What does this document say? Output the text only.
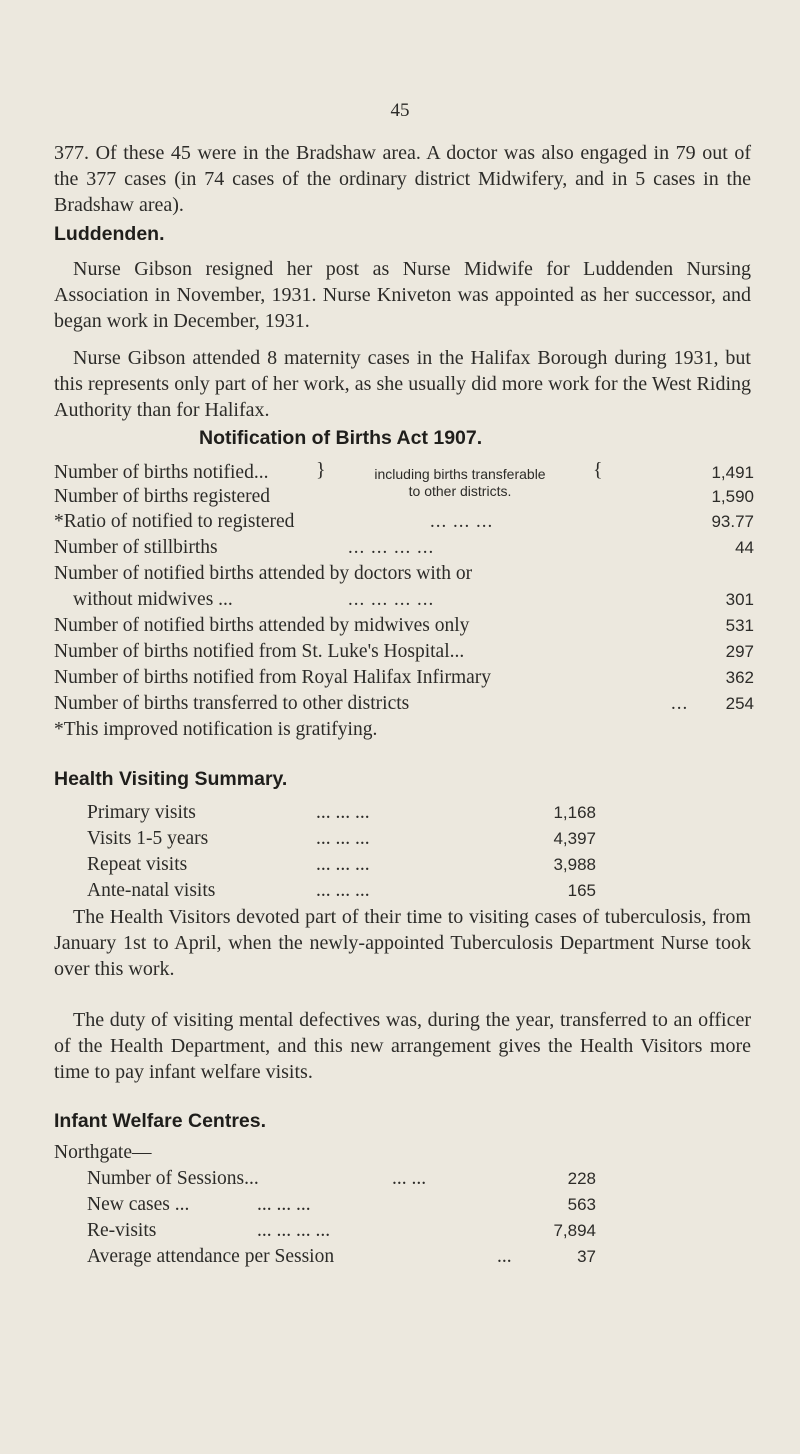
45
377. Of these 45 were in the Bradshaw area. A doctor was also engaged in 79 out of the 377 cases (in 74 cases of the ordinary district Midwifery, and in 5 cases in the Bradshaw area).
Luddenden.
Nurse Gibson resigned her post as Nurse Midwife for Luddenden Nursing Association in November, 1931. Nurse Kniveton was appointed as her successor, and began work in December, 1931.
Nurse Gibson attended 8 maternity cases in the Halifax Borough during 1931, but this represents only part of her work, as she usually did more work for the West Riding Authority than for Halifax.
Notification of Births Act 1907.
Number of births notified...	1,491
Number of births registered	1,590
}	including births transferable
to other districts.
{
*Ratio of notified to registered	... ... ...	93.77
Number of stillbirths	... ... ... ...	44
Number of notified births attended by doctors with or
without midwives ...	... ... ... ...	301
Number of notified births attended by midwives only	531
Number of births notified from St. Luke's Hospital...	297
Number of births notified from Royal Halifax Infirmary	362
Number of births transferred to other districts	... 254
*This improved notification is gratifying.
Health Visiting Summary.
Primary visits	... ... ...	1,168
Visits 1-5 years	... ... ...	4,397
Repeat visits	... ... ...	3,988
Ante-natal visits	... ... ...	165
The Health Visitors devoted part of their time to visiting cases of tuberculosis, from January 1st to April, when the newly-appointed Tuberculosis Department Nurse took over this work.
The duty of visiting mental defectives was, during the year, transferred to an officer of the Health Department, and this new arrangement gives the Health Visitors more time to pay infant welfare visits.
Infant Welfare Centres.
Northgate—
Number of Sessions...	... ...	228
New cases ...	... ... ...	563
Re-visits	... ... ... ...	7,894
Average attendance per Session	...	37
